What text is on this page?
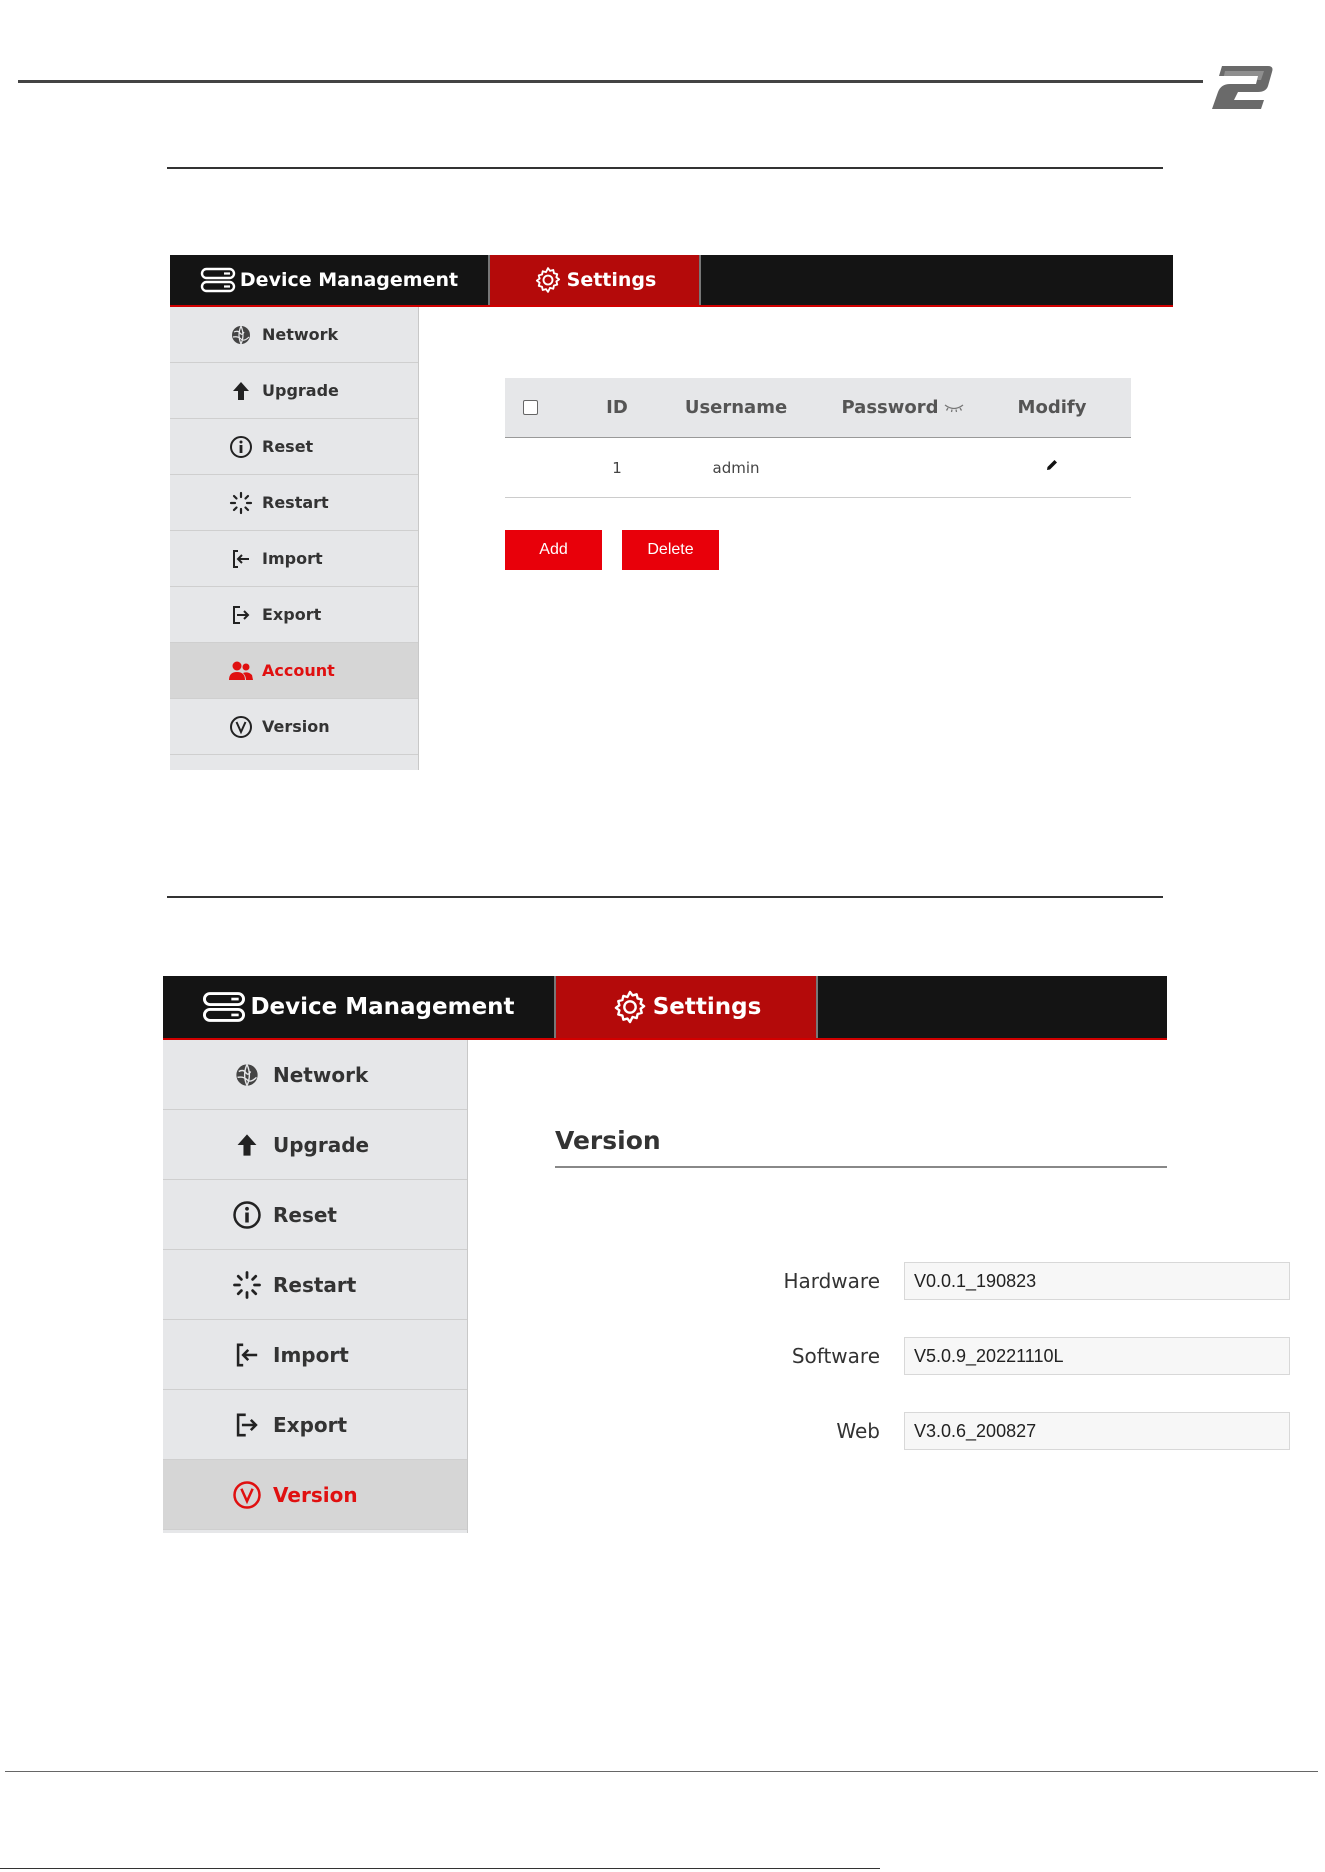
Device Management	Settings
Network
Upgrade
Reset
Restart
Import
Export
Account
Version
ID	Username	Password	Modify
1	admin
Add	Delete
Device Management	Settings
Network
Upgrade
Reset
Restart
Import
Export
Version
Version
Hardware	V0.0.1_190823
Software	V5.0.9_20221110L
Web	V3.0.6_200827
